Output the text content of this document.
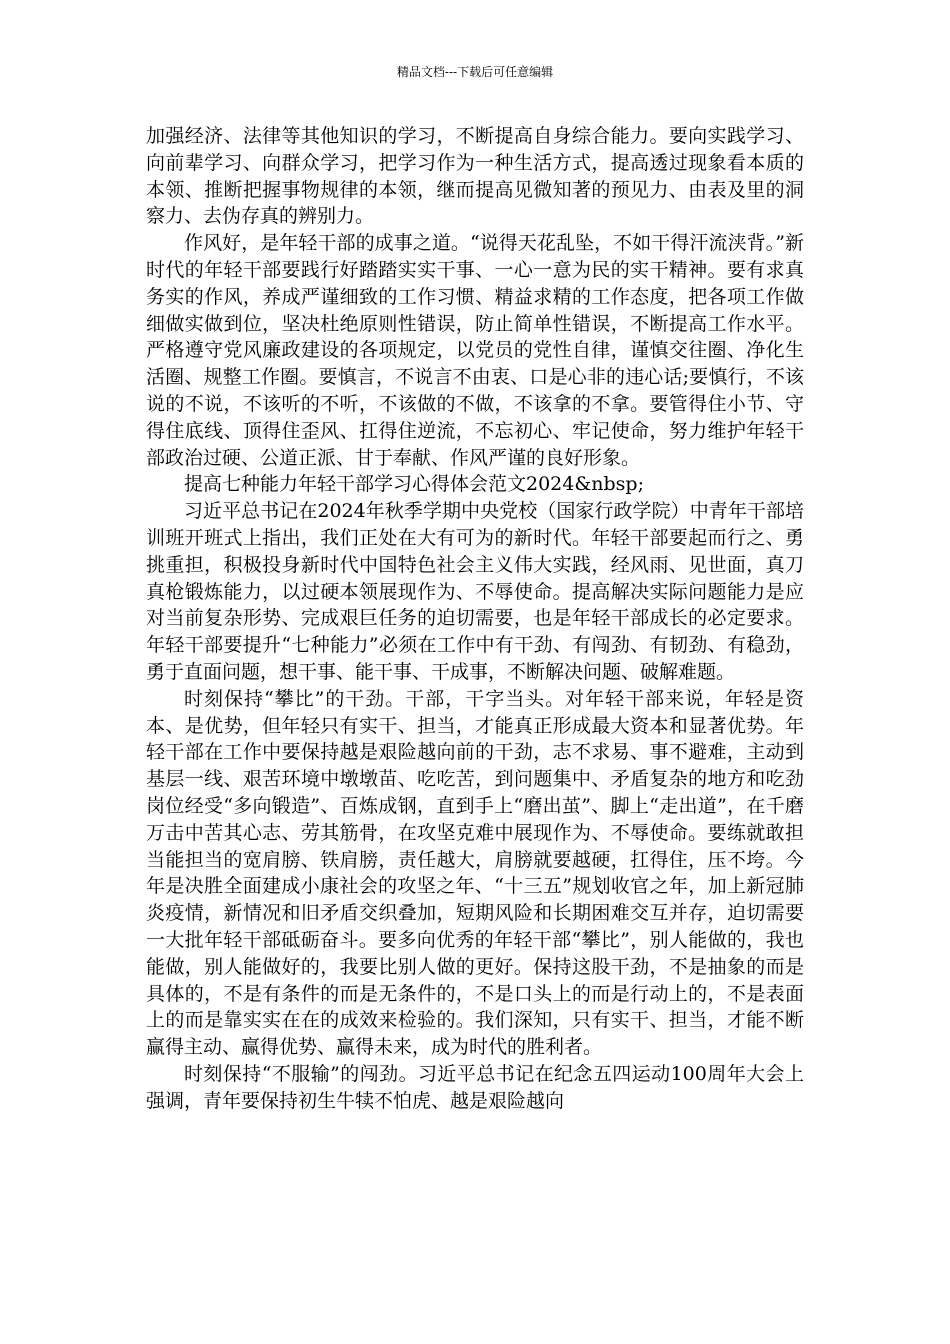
精品文档---下载后可任意编辑

加强经济、法律等其他知识的学习，不断提高自身综合能力。要向实践学习、向前辈学习、向群众学习，把学习作为一种生活方式，提高透过现象看本质的本领、推断把握事物规律的本领，继而提高见微知著的预见力、由表及里的洞察力、去伪存真的辨别力。

作风好，是年轻干部的成事之道。“说得天花乱坠，不如干得汗流浃背。”新时代的年轻干部要践行好踏踏实实干事、一心一意为民的实干精神。要有求真务实的作风，养成严谨细致的工作习惯、精益求精的工作态度，把各项工作做细做实做到位，坚决杜绝原则性错误，防止简单性错误，不断提高工作水平。严格遵守党风廉政建设的各项规定，以党员的党性自律，谨慎交往圈、净化生活圈、规整工作圈。要慎言，不说言不由衷、口是心非的违心话;要慎行，不该说的不说，不该听的不听，不该做的不做，不该拿的不拿。要管得住小节、守得住底线、顶得住歪风、扛得住逆流，不忘初心、牢记使命，努力维护年轻干部政治过硬、公道正派、甘于奉献、作风严谨的良好形象。

提高七种能力年轻干部学习心得体会范文2024&nbsp;

习近平总书记在2024年秋季学期中央党校（国家行政学院）中青年干部培训班开班式上指出，我们正处在大有可为的新时代。年轻干部要起而行之、勇挑重担，积极投身新时代中国特色社会主义伟大实践，经风雨、见世面，真刀真枪锻炼能力，以过硬本领展现作为、不辱使命。提高解决实际问题能力是应对当前复杂形势、完成艰巨任务的迫切需要，也是年轻干部成长的必定要求。年轻干部要提升“七种能力”必须在工作中有干劲、有闯劲、有韧劲、有稳劲，勇于直面问题，想干事、能干事、干成事，不断解决问题、破解难题。

时刻保持“攀比”的干劲。干部，干字当头。对年轻干部来说，年轻是资本、是优势，但年轻只有实干、担当，才能真正形成最大资本和显著优势。年轻干部在工作中要保持越是艰险越向前的干劲，志不求易、事不避难，主动到基层一线、艰苦环境中墩墩苗、吃吃苦，到问题集中、矛盾复杂的地方和吃劲岗位经受“多向锻造”、百炼成钢，直到手上“磨出茧”、脚上“走出道”，在千磨万击中苦其心志、劳其筋骨，在攻坚克难中展现作为、不辱使命。要练就敢担当能担当的宽肩膀、铁肩膀，责任越大，肩膀就要越硬，扛得住，压不垮。今年是决胜全面建成小康社会的攻坚之年、“十三五”规划收官之年，加上新冠肺炎疫情，新情况和旧矛盾交织叠加，短期风险和长期困难交互并存，迫切需要一大批年轻干部砥砺奋斗。要多向优秀的年轻干部“攀比”，别人能做的，我也能做，别人能做好的，我要比别人做的更好。保持这股干劲，不是抽象的而是具体的，不是有条件的而是无条件的，不是口头上的而是行动上的，不是表面上的而是靠实实在在的成效来检验的。我们深知，只有实干、担当，才能不断赢得主动、赢得优势、赢得未来，成为时代的胜利者。

时刻保持“不服输”的闯劲。习近平总书记在纪念五四运动100周年大会上强调，青年要保持初生牛犊不怕虎、越是艰险越向
